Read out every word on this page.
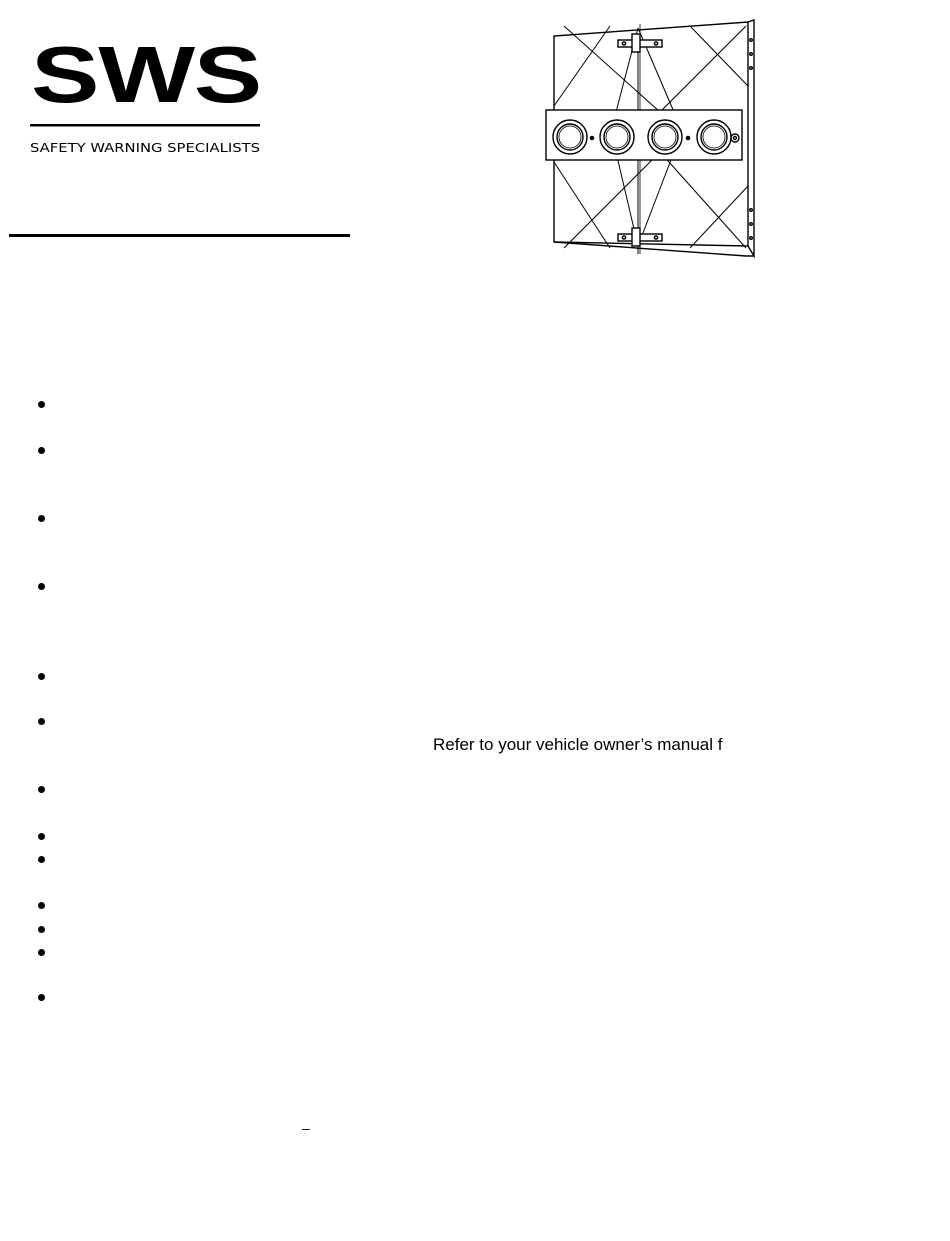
SWS
SAFETY WARNING SPECIALISTS
Refer to your vehicle owner’s manual f
–
